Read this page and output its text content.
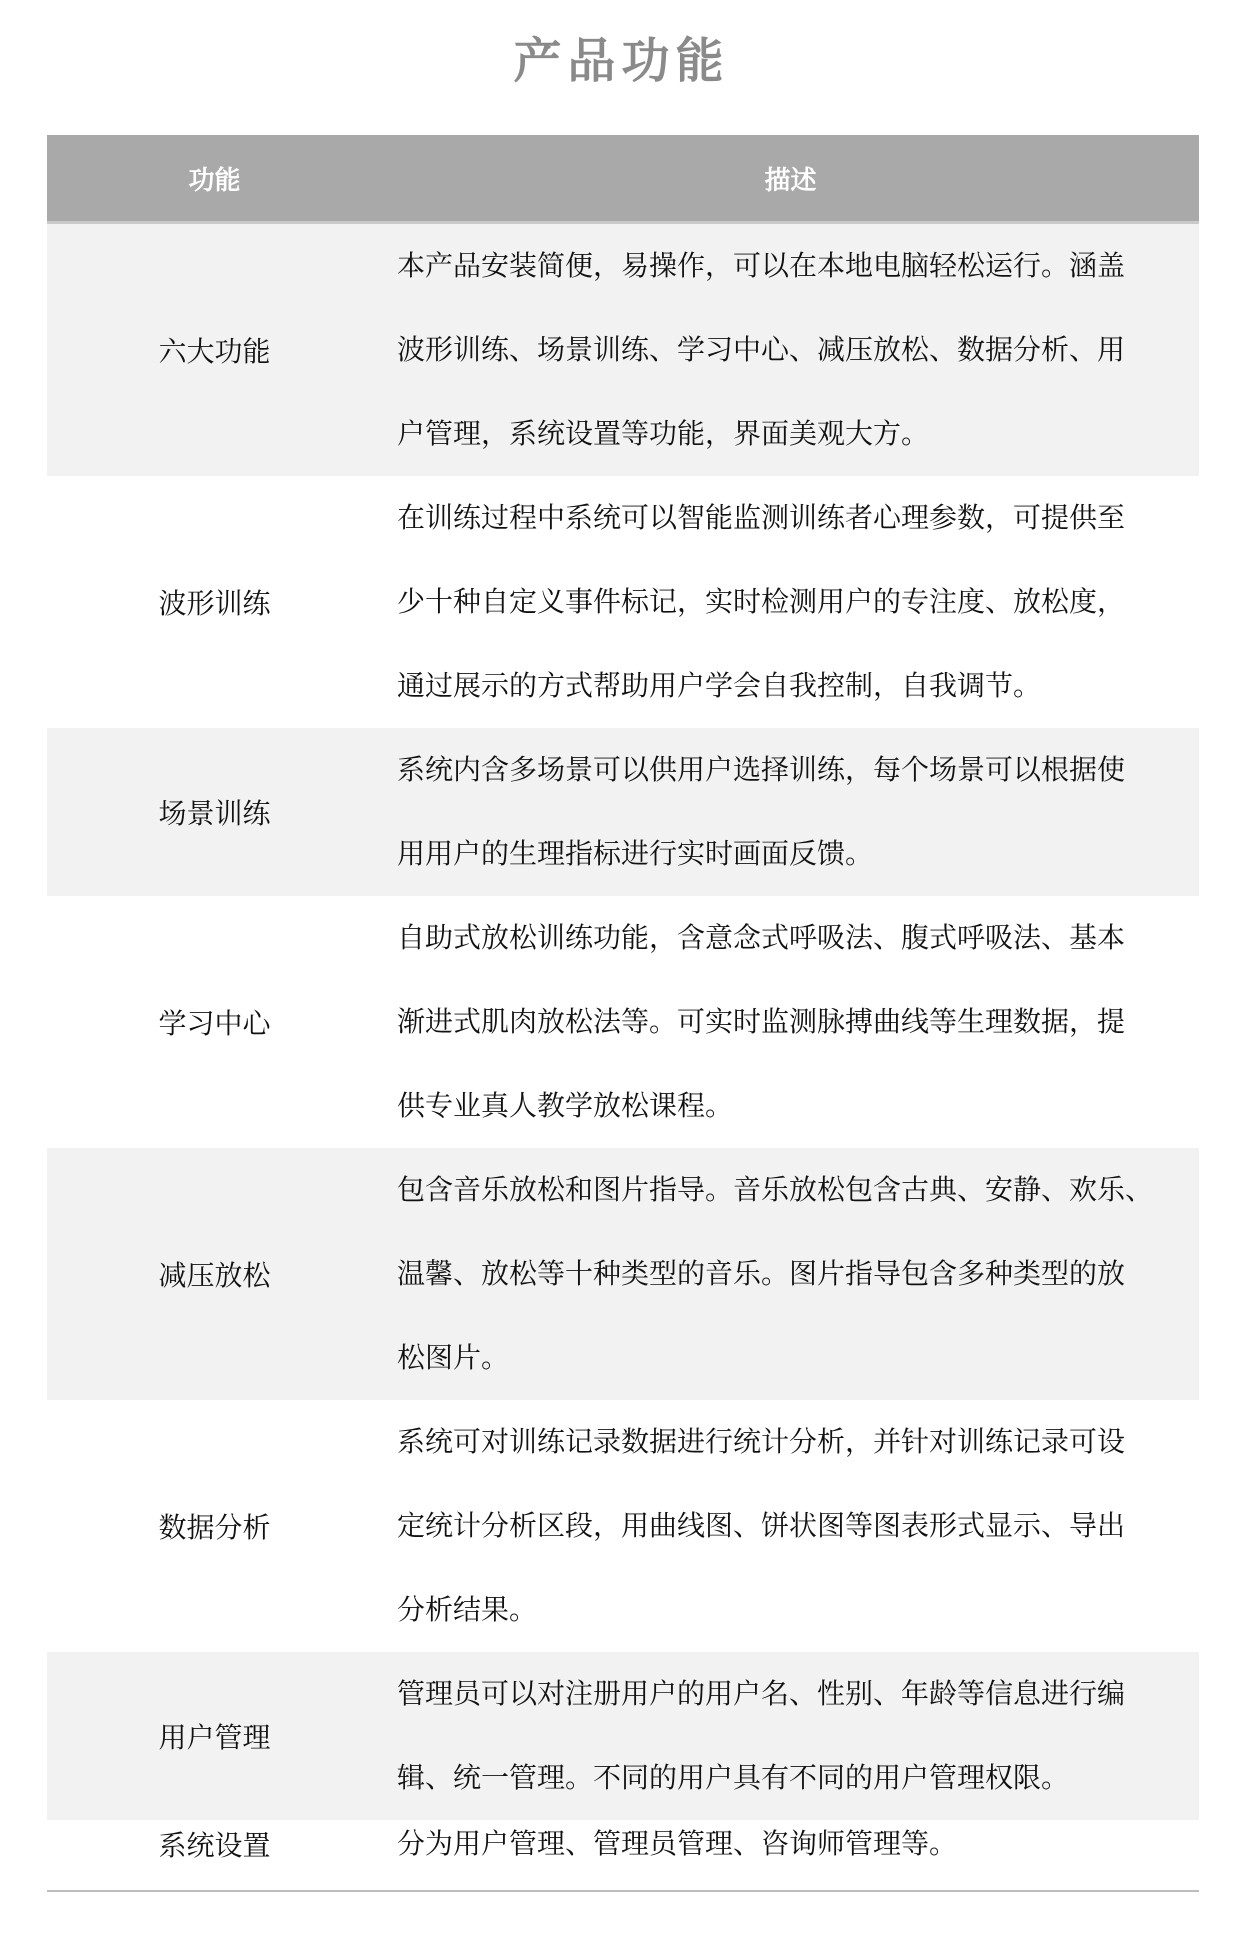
产品功能
功能	描述
六大功能
本产品安装简便，易操作，可以在本地电脑轻松运行。涵盖
波形训练、场景训练、学习中心、减压放松、数据分析、用
户管理，系统设置等功能，界面美观大方。
波形训练
在训练过程中系统可以智能监测训练者心理参数，可提供至
少十种自定义事件标记，实时检测用户的专注度、放松度，
通过展示的方式帮助用户学会自我控制，自我调节。
场景训练
系统内含多场景可以供用户选择训练，每个场景可以根据使
用用户的生理指标进行实时画面反馈。
学习中心
自助式放松训练功能，含意念式呼吸法、腹式呼吸法、基本
渐进式肌肉放松法等。可实时监测脉搏曲线等生理数据，提
供专业真人教学放松课程。
减压放松
包含音乐放松和图片指导。音乐放松包含古典、安静、欢乐、
温馨、放松等十种类型的音乐。图片指导包含多种类型的放
松图片。
数据分析
系统可对训练记录数据进行统计分析，并针对训练记录可设
定统计分析区段，用曲线图、饼状图等图表形式显示、导出
分析结果。
用户管理
管理员可以对注册用户的用户名、性别、年龄等信息进行编
辑、统一管理。不同的用户具有不同的用户管理权限。
系统设置	分为用户管理、管理员管理、咨询师管理等。
